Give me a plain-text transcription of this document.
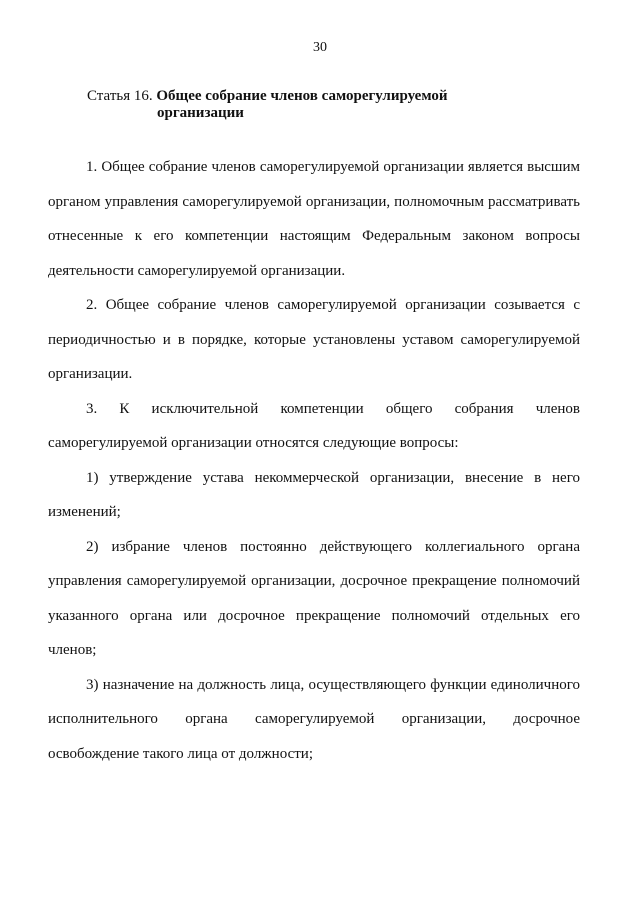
30
Статья 16. Общее собрание членов саморегулируемой
организации

1. Общее собрание членов саморегулируемой организации является высшим органом управления саморегулируемой организации, полномочным рассматривать отнесенные к его компетенции настоящим Федеральным законом вопросы деятельности саморегулируемой организации.

2. Общее собрание членов саморегулируемой организации созывается с периодичностью и в порядке, которые установлены уставом саморегулируемой организации.

3. К исключительной компетенции общего собрания членов саморегулируемой организации относятся следующие вопросы:

1) утверждение устава некоммерческой организации, внесение в него изменений;

2) избрание членов постоянно действующего коллегиального органа управления саморегулируемой организации, досрочное прекращение полномочий указанного органа или досрочное прекращение полномочий отдельных его членов;

3) назначение на должность лица, осуществляющего функции единоличного исполнительного органа саморегулируемой организации, досрочное освобождение такого лица от должности;
